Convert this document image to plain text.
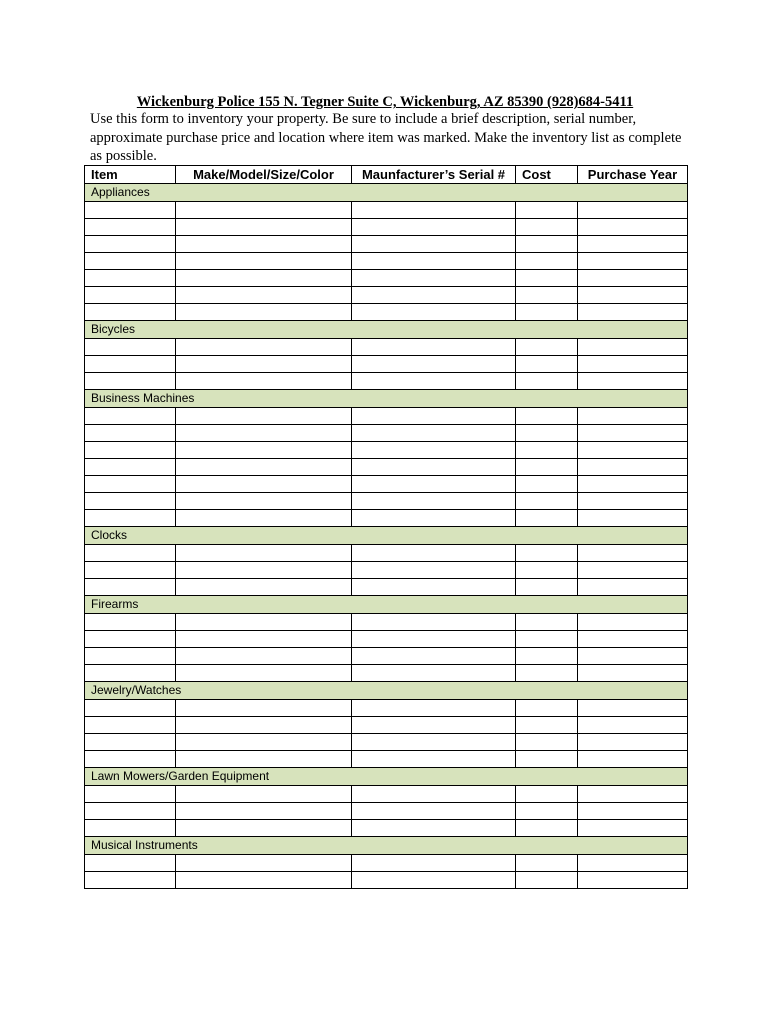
Wickenburg Police 155 N. Tegner Suite C, Wickenburg, AZ 85390 (928)684-5411
Use this form to inventory your property. Be sure to include a brief description, serial number, approximate purchase price and location where item was marked. Make the inventory list as complete as possible.
Item	Make/Model/Size/Color	Maunfacturer’s Serial #	Cost	Purchase Year
Appliances				

Bicycles				

Business Machines				

Clocks				

Firearms				

Jewelry/Watches				

Lawn Mowers/Garden Equipment				

Musical Instruments				
